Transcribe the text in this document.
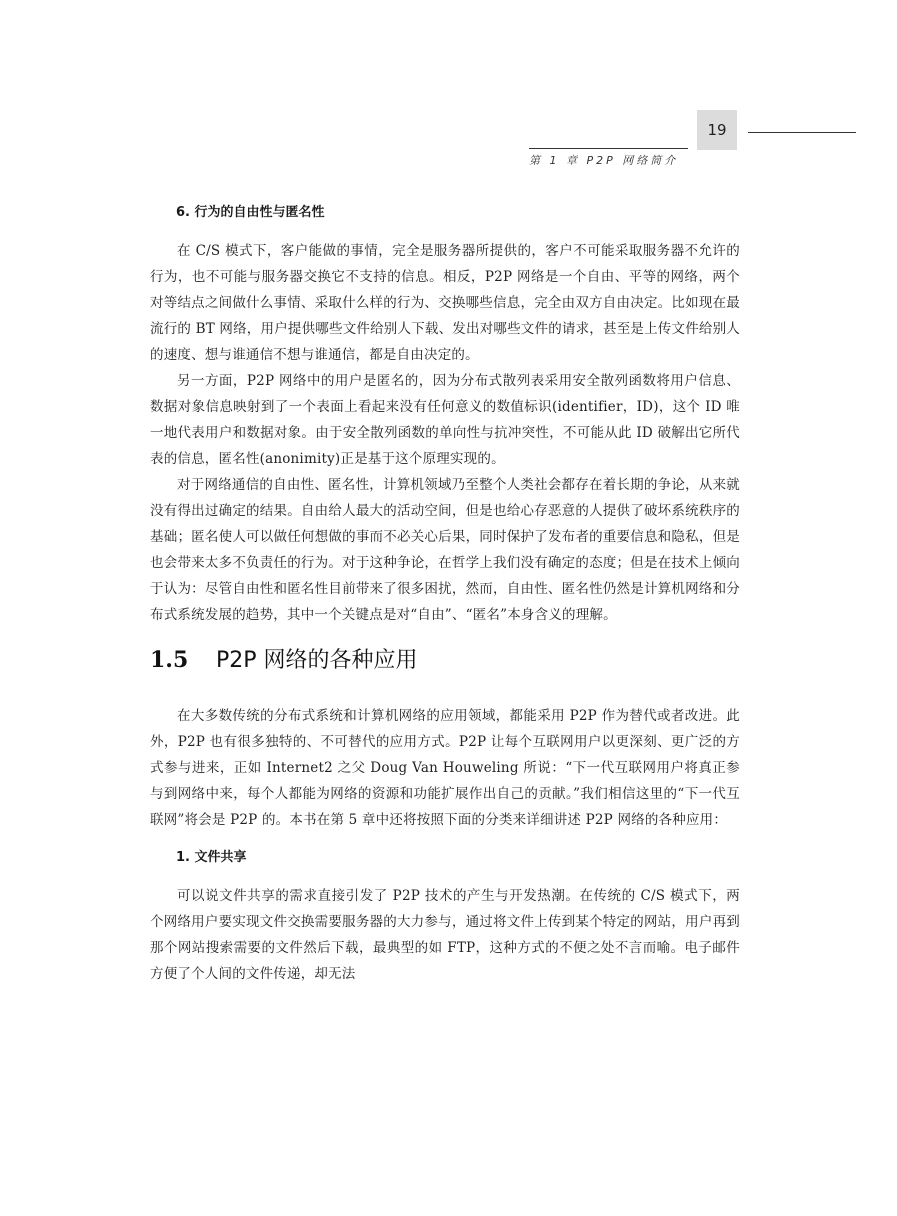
第 1 章 P2P 网络简介
19

6. 行为的自由性与匿名性

在 C/S 模式下，客户能做的事情，完全是服务器所提供的，客户不可能采取服务器不允许的行为，也不可能与服务器交换它不支持的信息。相反，P2P 网络是一个自由、平等的网络，两个对等结点之间做什么事情、采取什么样的行为、交换哪些信息，完全由双方自由决定。比如现在最流行的 BT 网络，用户提供哪些文件给别人下载、发出对哪些文件的请求，甚至是上传文件给别人的速度、想与谁通信不想与谁通信，都是自由决定的。

另一方面，P2P 网络中的用户是匿名的，因为分布式散列表采用安全散列函数将用户信息、数据对象信息映射到了一个表面上看起来没有任何意义的数值标识(identifier，ID)，这个 ID 唯一地代表用户和数据对象。由于安全散列函数的单向性与抗冲突性，不可能从此 ID 破解出它所代表的信息，匿名性(anonimity)正是基于这个原理实现的。

对于网络通信的自由性、匿名性，计算机领域乃至整个人类社会都存在着长期的争论，从来就没有得出过确定的结果。自由给人最大的活动空间，但是也给心存恶意的人提供了破坏系统秩序的基础；匿名使人可以做任何想做的事而不必关心后果，同时保护了发布者的重要信息和隐私，但是也会带来太多不负责任的行为。对于这种争论，在哲学上我们没有确定的态度；但是在技术上倾向于认为：尽管自由性和匿名性目前带来了很多困扰，然而，自由性、匿名性仍然是计算机网络和分布式系统发展的趋势，其中一个关键点是对“自由”、“匿名”本身含义的理解。

1.5	P2P 网络的各种应用

在大多数传统的分布式系统和计算机网络的应用领域，都能采用 P2P 作为替代或者改进。此外，P2P 也有很多独特的、不可替代的应用方式。P2P 让每个互联网用户以更深刻、更广泛的方式参与进来，正如 Internet2 之父 Doug Van Houweling 所说：“下一代互联网用户将真正参与到网络中来，每个人都能为网络的资源和功能扩展作出自己的贡献。”我们相信这里的“下一代互联网”将会是 P2P 的。本书在第 5 章中还将按照下面的分类来详细讲述 P2P 网络的各种应用：

1. 文件共享

可以说文件共享的需求直接引发了 P2P 技术的产生与开发热潮。在传统的 C/S 模式下，两个网络用户要实现文件交换需要服务器的大力参与，通过将文件上传到某个特定的网站，用户再到那个网站搜索需要的文件然后下载，最典型的如 FTP，这种方式的不便之处不言而喻。电子邮件方便了个人间的文件传递，却无法
